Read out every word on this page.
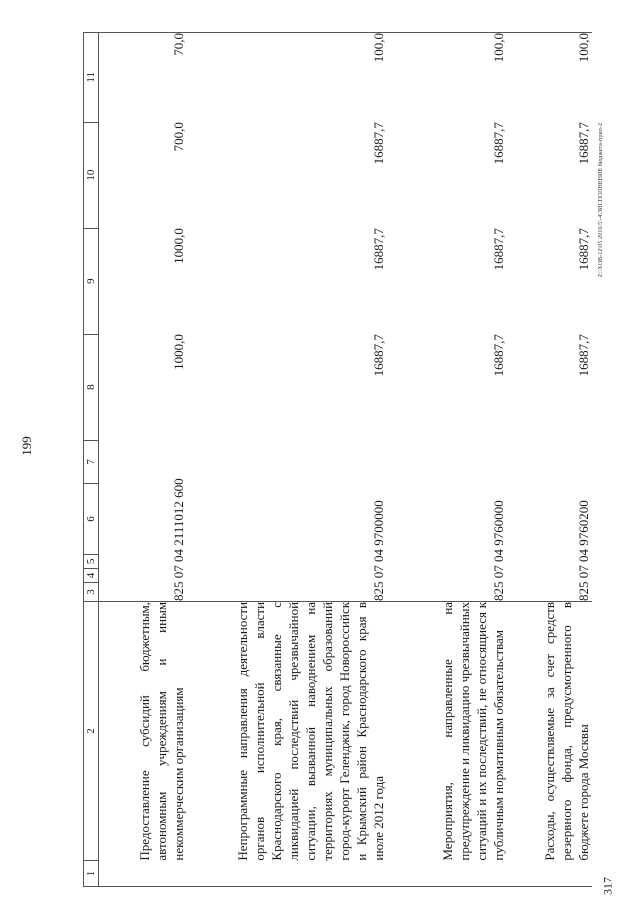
199
Z:\XOB-12\05 2016\5\-4\3ИСПОЛНЕНИЕ бюджета-прил-2
317
1	2	3	4	5	6	7	8	9	10	11
	Предоставление субсидий бюджетным, автономным учреждениям и иным некоммерческим организациям	825 07 04 2111012 600					1000,0	1000,0	700,0	70,0
	Непрограммные направления деятельности органов исполнительной власти Краснодарского края, связанные с ликвидацией последствий чрезвычайной ситуации, вызванной наводнением на территориях муниципальных образований город-курорт Геленджик, город Новороссийск и Крымский район Краснодарского края в июле 2012 года	825 07 04 9700000					16887,7	16887,7	16887,7	100,0
	Мероприятия, направленные на предупреждение и ликвидацию чрезвычайных ситуаций и их последствий, не относящиеся к публичным нормативным обязательствам	825 07 04 9760000					16887,7	16887,7	16887,7	100,0
	Расходы, осуществляемые за счет средств резервного фонда, предусмотренного в бюджете города Москвы	825 07 04 9760200					16887,7	16887,7	16887,7	100,0
